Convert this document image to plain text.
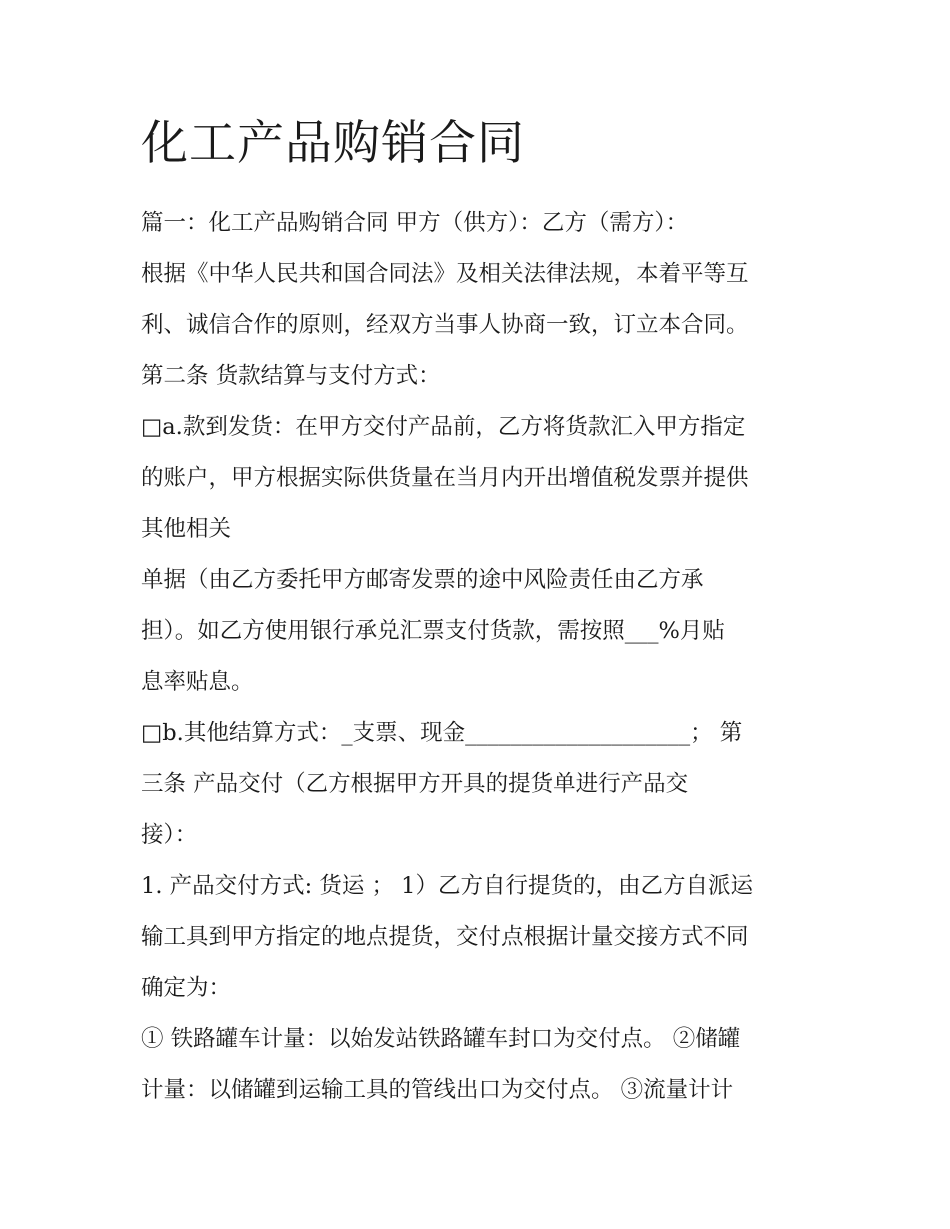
化工产品购销合同
篇一：化工产品购销合同 甲方（供方）：乙方（需方）：
根据《中华人民共和国合同法》及相关法律法规，本着平等互
利、诚信合作的原则，经双方当事人协商一致，订立本合同。
第二条 货款结算与支付方式：
□a.款到发货：在甲方交付产品前，乙方将货款汇入甲方指定
的账户，甲方根据实际供货量在当月内开出增值税发票并提供
其他相关
单据（由乙方委托甲方邮寄发票的途中风险责任由乙方承
担）。如乙方使用银行承兑汇票支付货款，需按照___%月贴
息率贴息。
□b.其他结算方式：_支票、现金____________________； 第
三条 产品交付（乙方根据甲方开具的提货单进行产品交
接）：
1. 产品交付方式: 货运 ； 1）乙方自行提货的，由乙方自派运
输工具到甲方指定的地点提货，交付点根据计量交接方式不同
确定为：
① 铁路罐车计量：以始发站铁路罐车封口为交付点。 ②储罐
计量：以储罐到运输工具的管线出口为交付点。 ③流量计计
